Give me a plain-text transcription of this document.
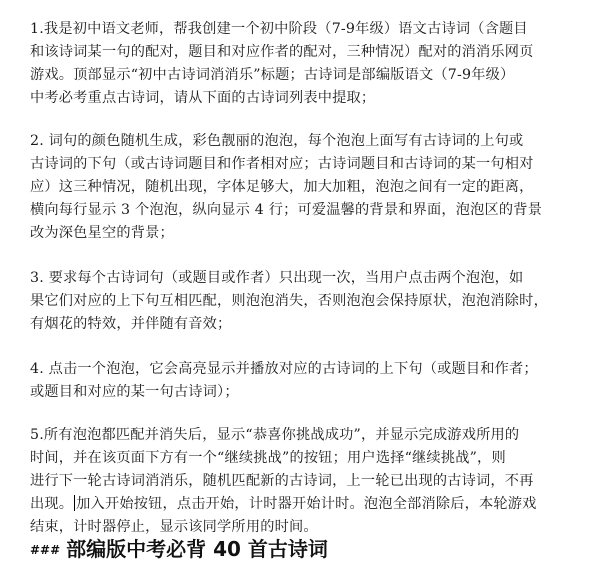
1.我是初中语文老师，帮我创建一个初中阶段（7-9年级）语文古诗词（含题目
和该诗词某一句的配对，题目和对应作者的配对，三种情况）配对的消消乐网页
游戏。顶部显示“初中古诗词消消乐”标题；古诗词是部编版语文（7-9年级）
中考必考重点古诗词，请从下面的古诗词列表中提取；

2. 词句的颜色随机生成，彩色靓丽的泡泡，每个泡泡上面写有古诗词的上句或
古诗词的下句（或古诗词题目和作者相对应；古诗词题目和古诗词的某一句相对
应）这三种情况，随机出现，字体足够大，加大加粗，泡泡之间有一定的距离，
横向每行显示 3 个泡泡，纵向显示 4 行；可爱温馨的背景和界面，泡泡区的背景
改为深色星空的背景；

3. 要求每个古诗词句（或题目或作者）只出现一次，当用户点击两个泡泡，如
果它们对应的上下句互相匹配，则泡泡消失，否则泡泡会保持原状，泡泡消除时，
有烟花的特效，并伴随有音效；

4. 点击一个泡泡，它会高亮显示并播放对应的古诗词的上下句（或题目和作者；
或题目和对应的某一句古诗词）；

5.所有泡泡都匹配并消失后，显示“恭喜你挑战成功”，并显示完成游戏所用的
时间，并在该页面下方有一个“继续挑战”的按钮；用户选择“继续挑战”，则
进行下一轮古诗词消消乐，随机匹配新的古诗词，上一轮已出现的古诗词，不再
出现。 加入开始按钮，点击开始，计时器开始计时。泡泡全部消除后，本轮游戏
结束，计时器停止，显示该同学所用的时间。

### 部编版中考必背 40 首古诗词
